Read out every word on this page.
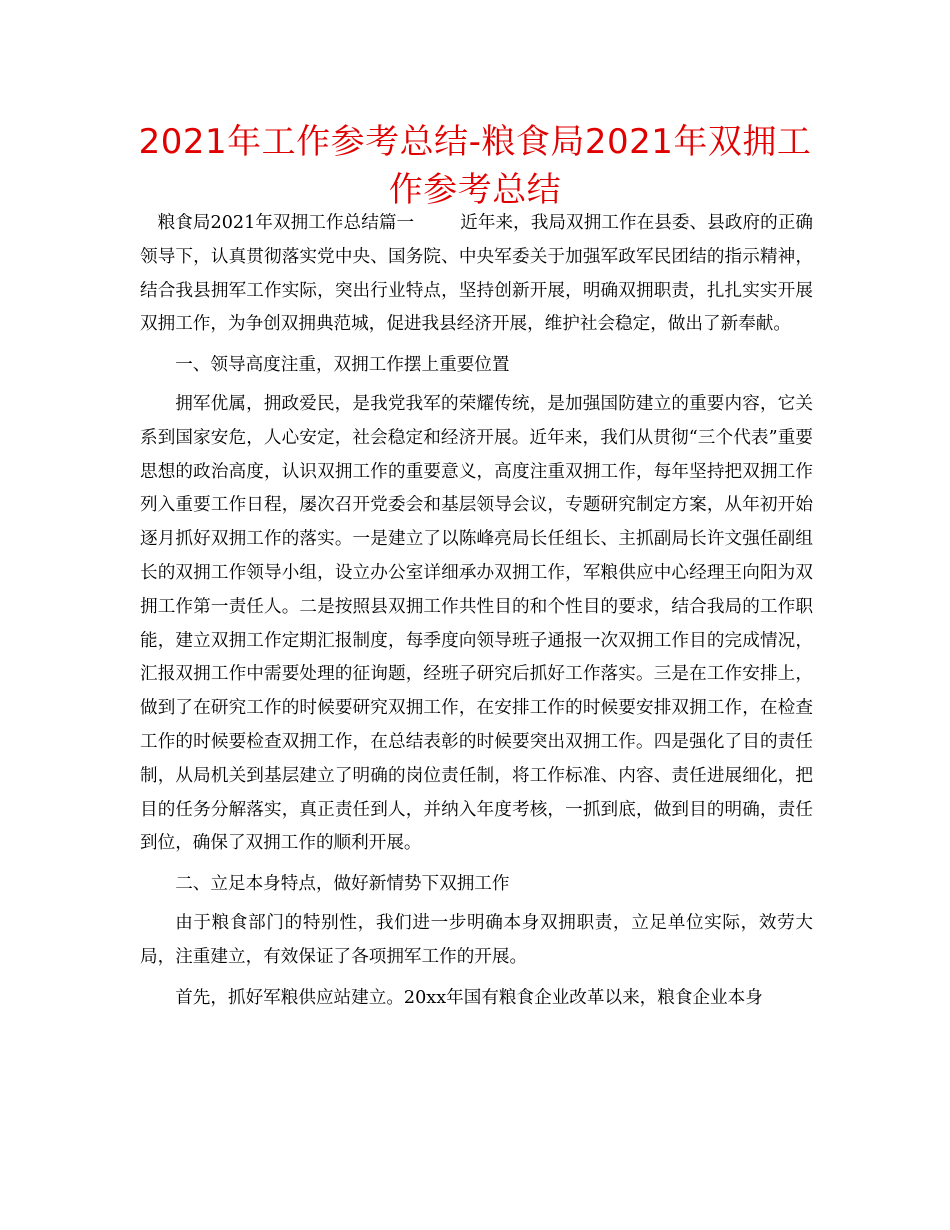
2021年工作参考总结-粮食局2021年双拥工作参考总结

粮食局2021年双拥工作总结篇一	近年来，我局双拥工作在县委、县政府的正确领导下，认真贯彻落实党中央、国务院、中央军委关于加强军政军民团结的指示精神，结合我县拥军工作实际，突出行业特点，坚持创新开展，明确双拥职责，扎扎实实开展双拥工作，为争创双拥典范城，促进我县经济开展，维护社会稳定，做出了新奉献。

一、领导高度注重，双拥工作摆上重要位置

拥军优属，拥政爱民，是我党我军的荣耀传统，是加强国防建立的重要内容，它关系到国家安危，人心安定，社会稳定和经济开展。近年来，我们从贯彻“三个代表”重要思想的政治高度，认识双拥工作的重要意义，高度注重双拥工作，每年坚持把双拥工作列入重要工作日程，屡次召开党委会和基层领导会议，专题研究制定方案，从年初开始逐月抓好双拥工作的落实。一是建立了以陈峰亮局长任组长、主抓副局长许文强任副组长的双拥工作领导小组，设立办公室详细承办双拥工作，军粮供应中心经理王向阳为双拥工作第一责任人。二是按照县双拥工作共性目的和个性目的要求，结合我局的工作职能，建立双拥工作定期汇报制度，每季度向领导班子通报一次双拥工作目的完成情况，汇报双拥工作中需要处理的征询题，经班子研究后抓好工作落实。三是在工作安排上，做到了在研究工作的时候要研究双拥工作，在安排工作的时候要安排双拥工作，在检查工作的时候要检查双拥工作，在总结表彰的时候要突出双拥工作。四是强化了目的责任制，从局机关到基层建立了明确的岗位责任制，将工作标准、内容、责任进展细化，把目的任务分解落实，真正责任到人，并纳入年度考核，一抓到底，做到目的明确，责任到位，确保了双拥工作的顺利开展。

二、立足本身特点，做好新情势下双拥工作

由于粮食部门的特别性，我们进一步明确本身双拥职责，立足单位实际，效劳大局，注重建立，有效保证了各项拥军工作的开展。

首先，抓好军粮供应站建立。20xx年国有粮食企业改革以来，粮食企业本身
